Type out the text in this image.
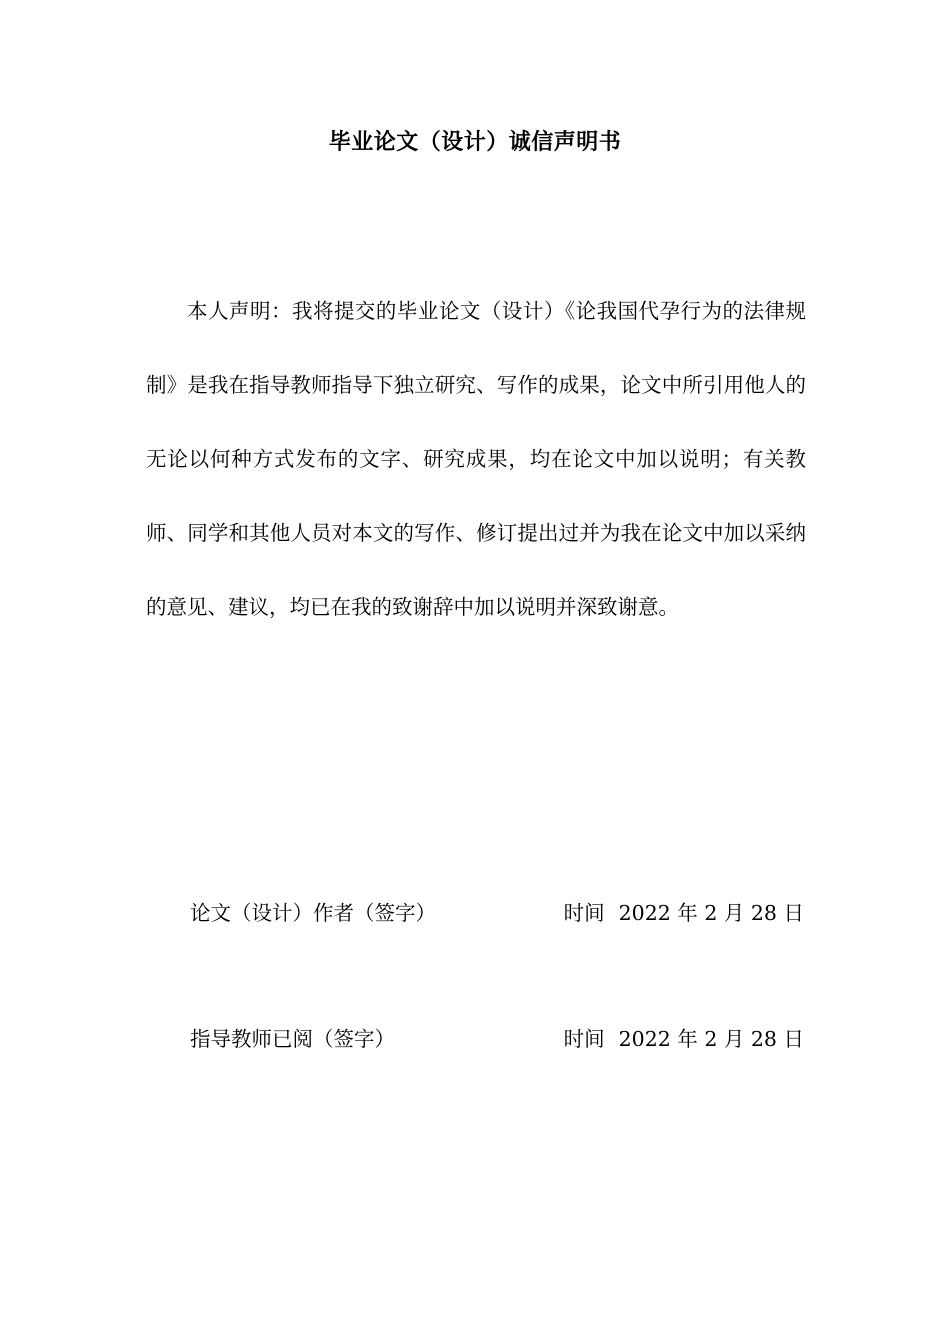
毕业论文（设计）诚信声明书

本人声明：我将提交的毕业论文（设计）《论我国代孕行为的法律规制》是我在指导教师指导下独立研究、写作的成果，论文中所引用他人的无论以何种方式发布的文字、研究成果，均在论文中加以说明；有关教师、同学和其他人员对本文的写作、修订提出过并为我在论文中加以采纳的意见、建议，均已在我的致谢辞中加以说明并深致谢意。

论文（设计）作者（签字）	时间 2022 年 2 月 28 日
指导教师已阅（签字）	时间 2022 年 2 月 28 日
